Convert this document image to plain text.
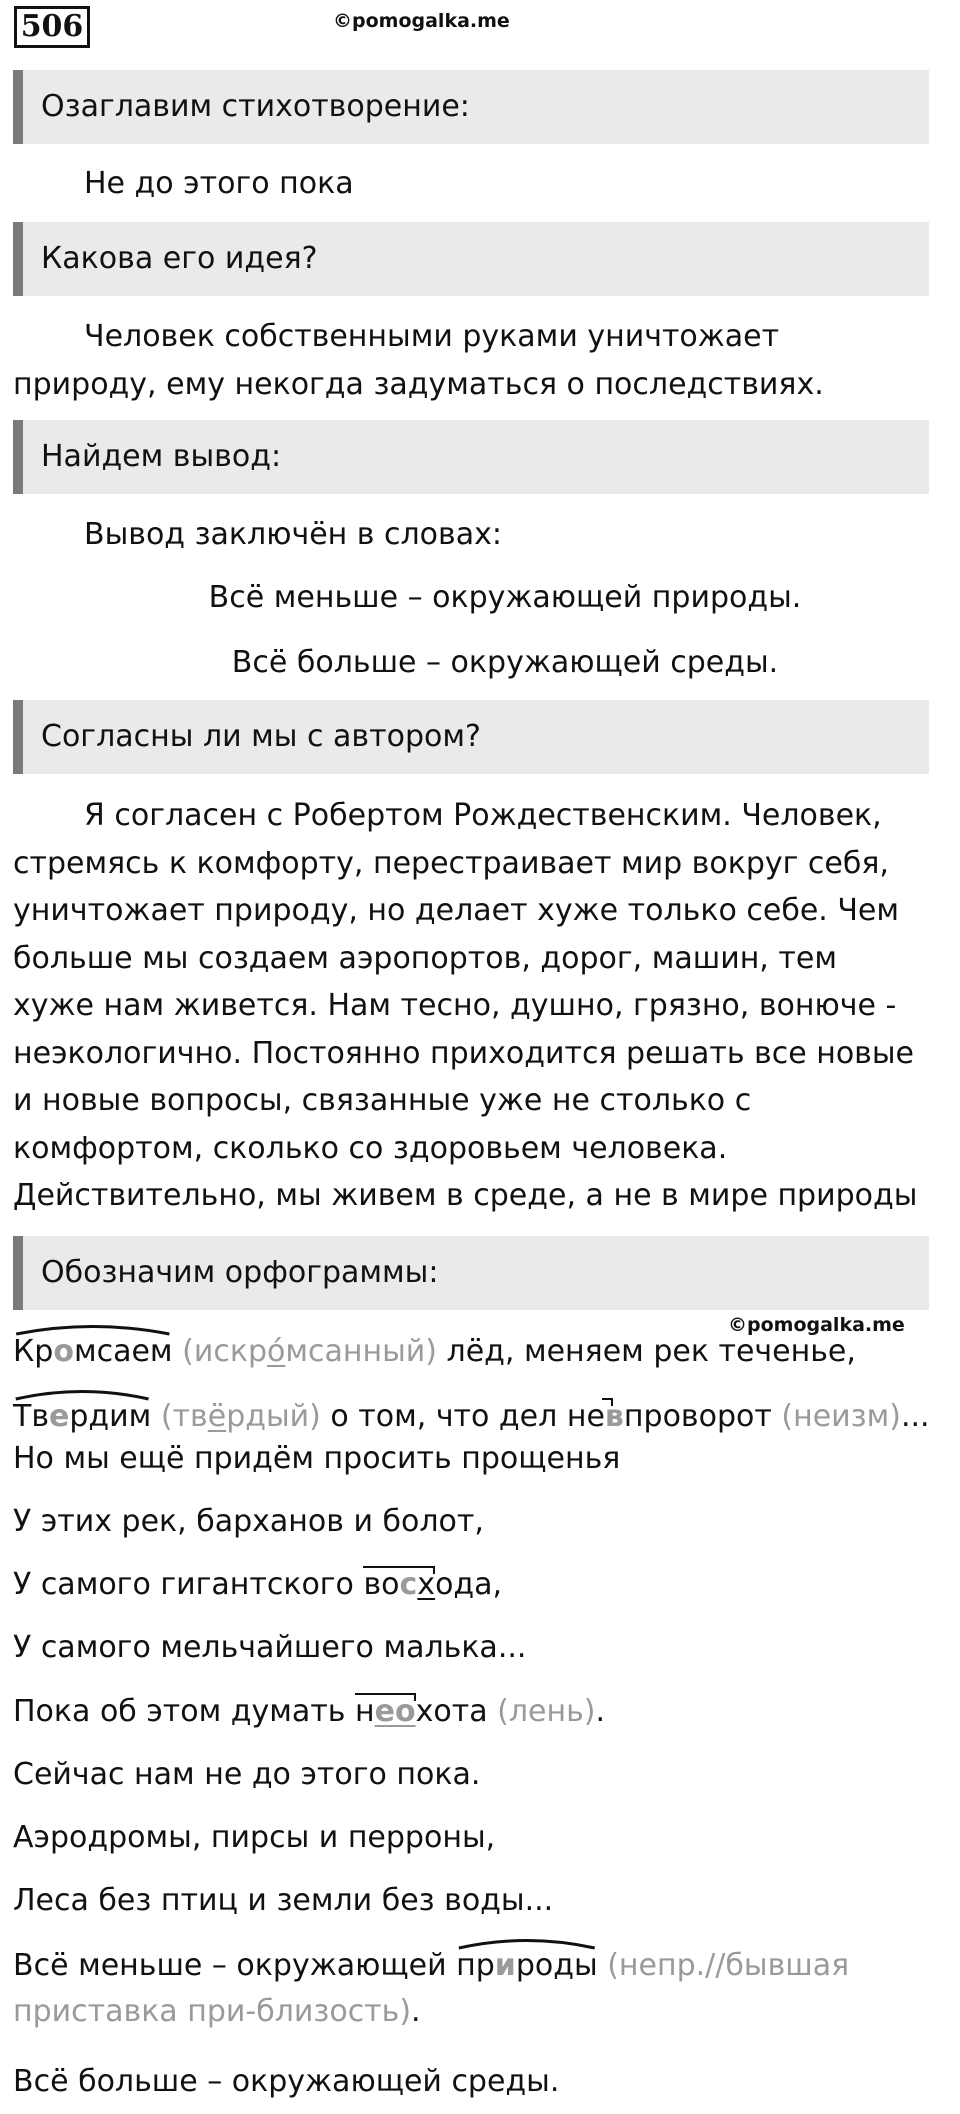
506	©pomogalka.me
Озаглавим стихотворение:
Не до этого пока
Какова его идея?
Человек собственными руками уничтожает природу, ему некогда задуматься о последствиях.
Найдем вывод:
Вывод заключён в словах:
Всё меньше – окружающей природы.
Всё больше – окружающей среды.
Согласны ли мы с автором?
Я согласен с Робертом Рождественским. Человек, стремясь к комфорту, перестраивает мир вокруг себя, уничтожает природу, но делает хуже только себе. Чем больше мы создаем аэропортов, дорог, машин, тем хуже нам живется. Нам тесно, душно, грязно, вонюче - неэкологично. Постоянно приходится решать все новые и новые вопросы, связанные уже не столько с комфортом, сколько со здоровьем человека. Действительно, мы живем в среде, а не в мире природы
Обозначим орфограммы:
©pomogalka.me
Кромсаем (искро́мсанный) лёд, меняем рек теченье,
Твердим (твёрдый) о том, что дел не
впроворот (неизм)...
Но мы ещё придём просить прощенья
У этих рек, барханов и болот,
У самого гигантского
восхода,
У самого мельчайшего малька...
Пока об этом думать
неохота (лень).
Сейчас нам не до этого пока.
Аэродромы, пирсы и перроны,
Леса без птиц и земли без воды...
Всё меньше – окружающей
природы (непр.//бывшая
приставка при-близость).
Всё больше – окружающей среды.
